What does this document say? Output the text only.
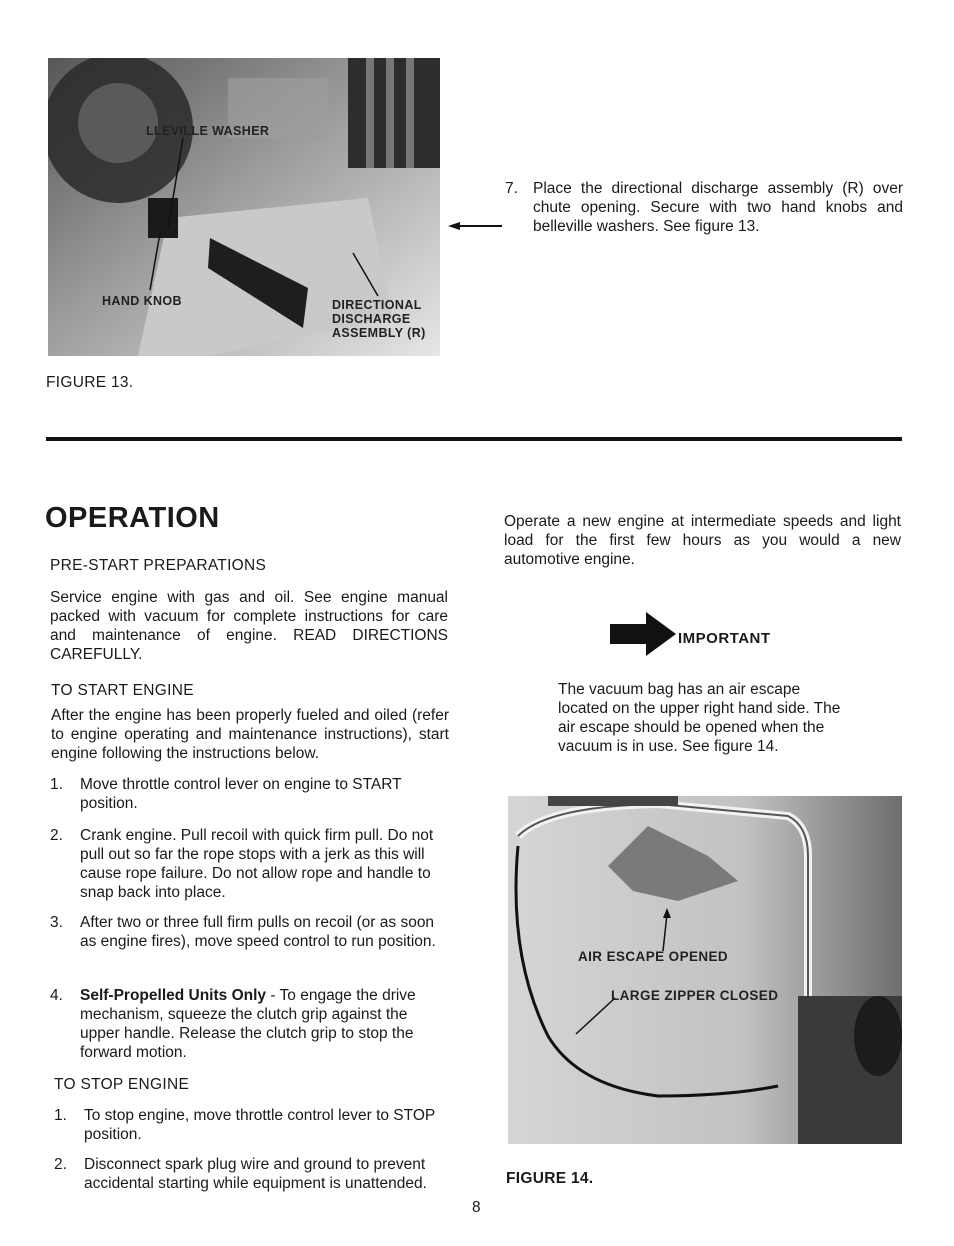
LLEVILLE WASHER
HAND KNOB	DIRECTIONAL
DISCHARGE
ASSEMBLY (R)
FIGURE 13.
7. Place the directional discharge assembly (R) over chute opening. Secure with two hand knobs and belleville washers. See figure 13.
OPERATION
PRE-START PREPARATIONS
Service engine with gas and oil. See engine manual packed with vacuum for complete instructions for care and maintenance of engine. READ DIRECTIONS CAREFULLY.
TO START ENGINE
After the engine has been properly fueled and oiled (refer to engine operating and maintenance instructions), start engine following the instructions below.
1. Move throttle control lever on engine to START position.
2. Crank engine. Pull recoil with quick firm pull. Do not pull out so far the rope stops with a jerk as this will cause rope failure. Do not allow rope and handle to snap back into place.
3. After two or three full firm pulls on recoil (or as soon as engine fires), move speed control to run position.
4. Self-Propelled Units Only - To engage the drive mechanism, squeeze the clutch grip against the upper handle. Release the clutch grip to stop the forward motion.
TO STOP ENGINE
1. To stop engine, move throttle control lever to STOP position.
2. Disconnect spark plug wire and ground to prevent accidental starting while equipment is unattended.
Operate a new engine at intermediate speeds and light load for the first few hours as you would a new automotive engine.
IMPORTANT
The vacuum bag has an air escape located on the upper right hand side. The air escape should be opened when the vacuum is in use. See figure 14.
AIR ESCAPE OPENED
LARGE ZIPPER CLOSED
FIGURE 14.
8
